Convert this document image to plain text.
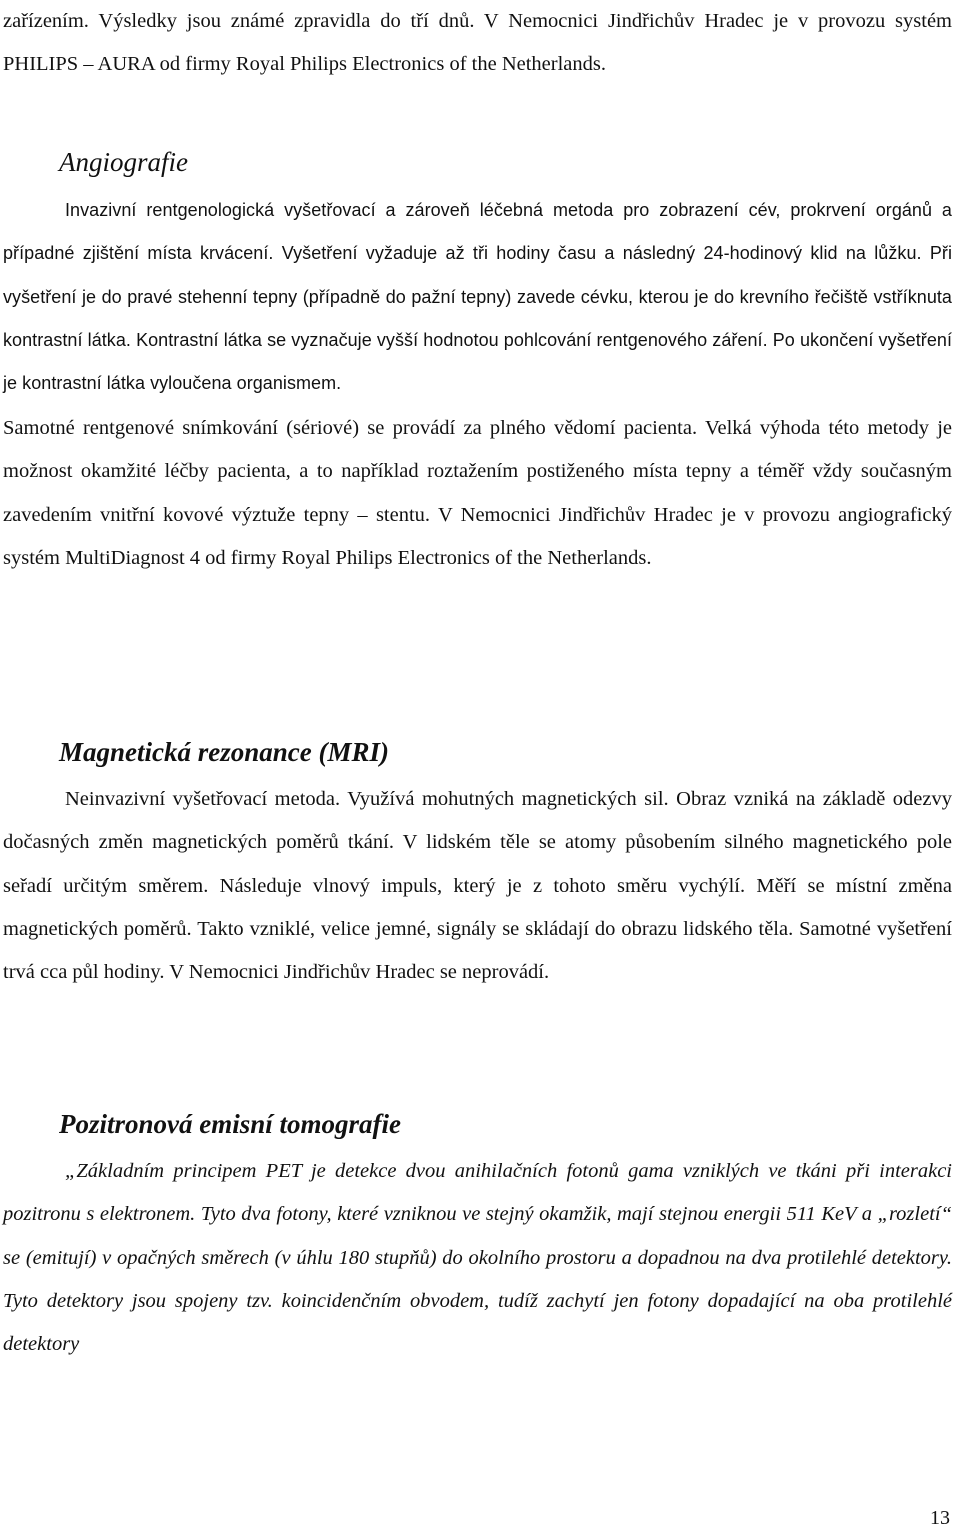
zařízením. Výsledky jsou známé zpravidla do tří dnů. V Nemocnici Jindřichův Hradec je v provozu systém PHILIPS – AURA od firmy Royal Philips Electronics of the Netherlands.

Angiografie

Invazivní rentgenologická vyšetřovací a zároveň léčebná metoda pro zobrazení cév, prokrvení orgánů a případné zjištění místa krvácení. Vyšetření vyžaduje až tři hodiny času a následný 24-hodinový klid na lůžku. Při vyšetření je do pravé stehenní tepny (případně do pažní tepny) zavede cévku, kterou je do krevního řečiště vstříknuta kontrastní látka. Kontrastní látka se vyznačuje vyšší hodnotou pohlcování rentgenového záření. Po ukončení vyšetření je kontrastní látka vyloučena organismem.

Samotné rentgenové snímkování (sériové) se provádí za plného vědomí pacienta. Velká výhoda této metody je možnost okamžité léčby pacienta, a to například roztažením postiženého místa tepny a téměř vždy současným zavedením vnitřní kovové výztuže tepny – stentu. V Nemocnici Jindřichův Hradec je v provozu angiografický systém MultiDiagnost 4 od firmy Royal Philips Electronics of the Netherlands.

Magnetická rezonance (MRI)

Neinvazivní vyšetřovací metoda. Využívá mohutných magnetických sil. Obraz vzniká na základě odezvy dočasných změn magnetických poměrů tkání. V lidském těle se atomy působením silného magnetického pole seřadí určitým směrem. Následuje vlnový impuls, který je z tohoto směru vychýlí. Měří se místní změna magnetických poměrů. Takto vzniklé, velice jemné, signály se skládají do obrazu lidského těla. Samotné vyšetření trvá cca půl hodiny. V Nemocnici Jindřichův Hradec se neprovádí.

Pozitronová emisní tomografie

„Základním principem PET je detekce dvou anihilačních fotonů gama vzniklých ve tkáni při interakci pozitronu s elektronem. Tyto dva fotony, které vzniknou ve stejný okamžik, mají stejnou energii 511 KeV a „rozletí“ se (emitují) v opačných směrech (v úhlu 180 stupňů) do okolního prostoru a dopadnou na dva protilehlé detektory. Tyto detektory jsou spojeny tzv. koincidenčním obvodem, tudíž zachytí jen fotony dopadající na oba protilehlé detektory

13
